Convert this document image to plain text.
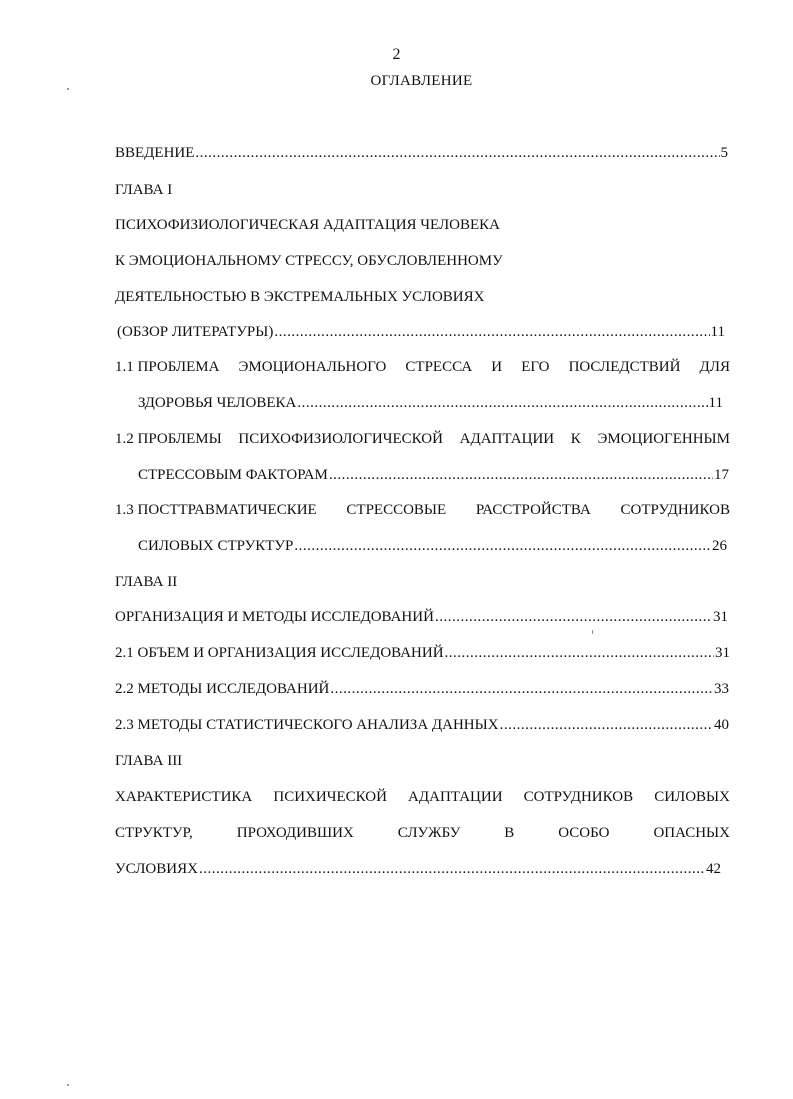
2
ОГЛАВЛЕНИЕ
ВВЕДЕНИЕ .....	5
ГЛАВА I
ПСИХОФИЗИОЛОГИЧЕСКАЯ АДАПТАЦИЯ ЧЕЛОВЕКА
К ЭМОЦИОНАЛЬНОМУ СТРЕССУ, ОБУСЛОВЛЕННОМУ
ДЕЯТЕЛЬНОСТЬЮ В ЭКСТРЕМАЛЬНЫХ УСЛОВИЯХ
(ОБЗОР ЛИТЕРАТУРЫ) .....	11
1.1 ПРОБЛЕМА ЭМОЦИОНАЛЬНОГО СТРЕССА И ЕГО ПОСЛЕДСТВИЙ ДЛЯ
ЗДОРОВЬЯ ЧЕЛОВЕКА .....	11
1.2 ПРОБЛЕМЫ ПСИХОФИЗИОЛОГИЧЕСКОЙ АДАПТАЦИИ К ЭМОЦИОГЕННЫМ
СТРЕССОВЫМ ФАКТОРАМ .....	17
1.3 ПОСТТРАВМАТИЧЕСКИЕ СТРЕССОВЫЕ РАССТРОЙСТВА СОТРУДНИКОВ
СИЛОВЫХ СТРУКТУР .....	26
ГЛАВА II
ОРГАНИЗАЦИЯ И МЕТОДЫ ИССЛЕДОВАНИЙ .....	31
2.1 ОБЪЕМ И ОРГАНИЗАЦИЯ ИССЛЕДОВАНИЙ .....	31
2.2 МЕТОДЫ ИССЛЕДОВАНИЙ .....	33
2.3 МЕТОДЫ СТАТИСТИЧЕСКОГО АНАЛИЗА ДАННЫХ .....	40
ГЛАВА III
ХАРАКТЕРИСТИКА ПСИХИЧЕСКОЙ АДАПТАЦИИ СОТРУДНИКОВ СИЛОВЫХ
СТРУКТУР,	ПРОХОДИВШИХ	СЛУЖБУ	В	ОСОБО	ОПАСНЫХ
УСЛОВИЯХ .....	42
